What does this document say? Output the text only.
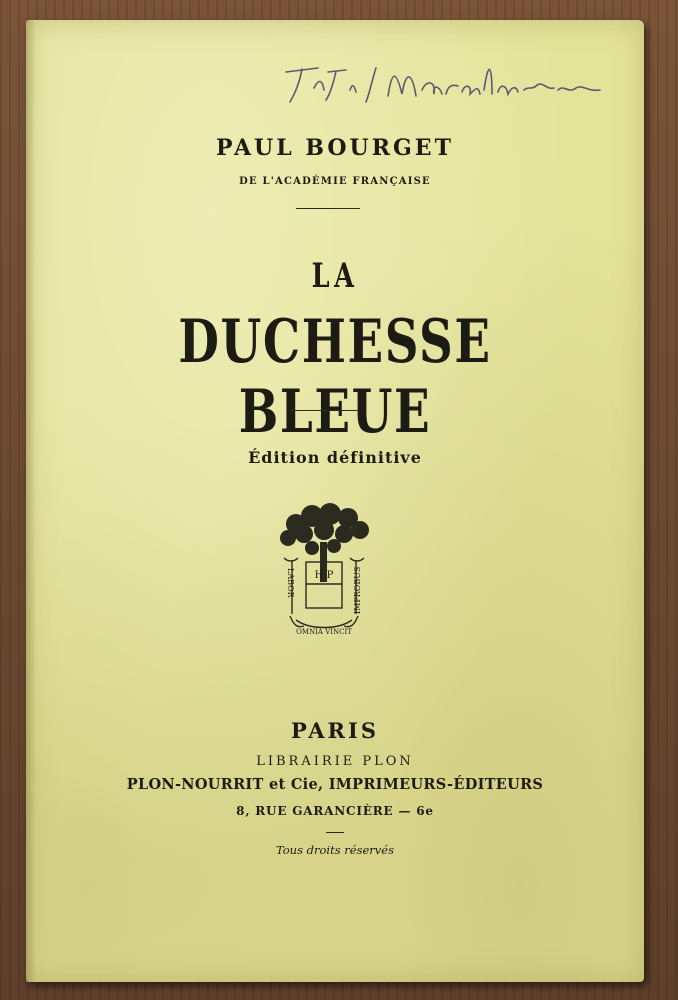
PAUL BOURGET
DE L'ACADÉMIE FRANÇAISE
LA
DUCHESSE BLEUE
Édition définitive
H·P
LABOR	IMPROBUS
OMNIA VINCIT
PARIS
LIBRAIRIE PLON
PLON-NOURRIT et Cie, IMPRIMEURS-ÉDITEURS
8, RUE GARANCIÈRE — 6e
Tous droits réservés
